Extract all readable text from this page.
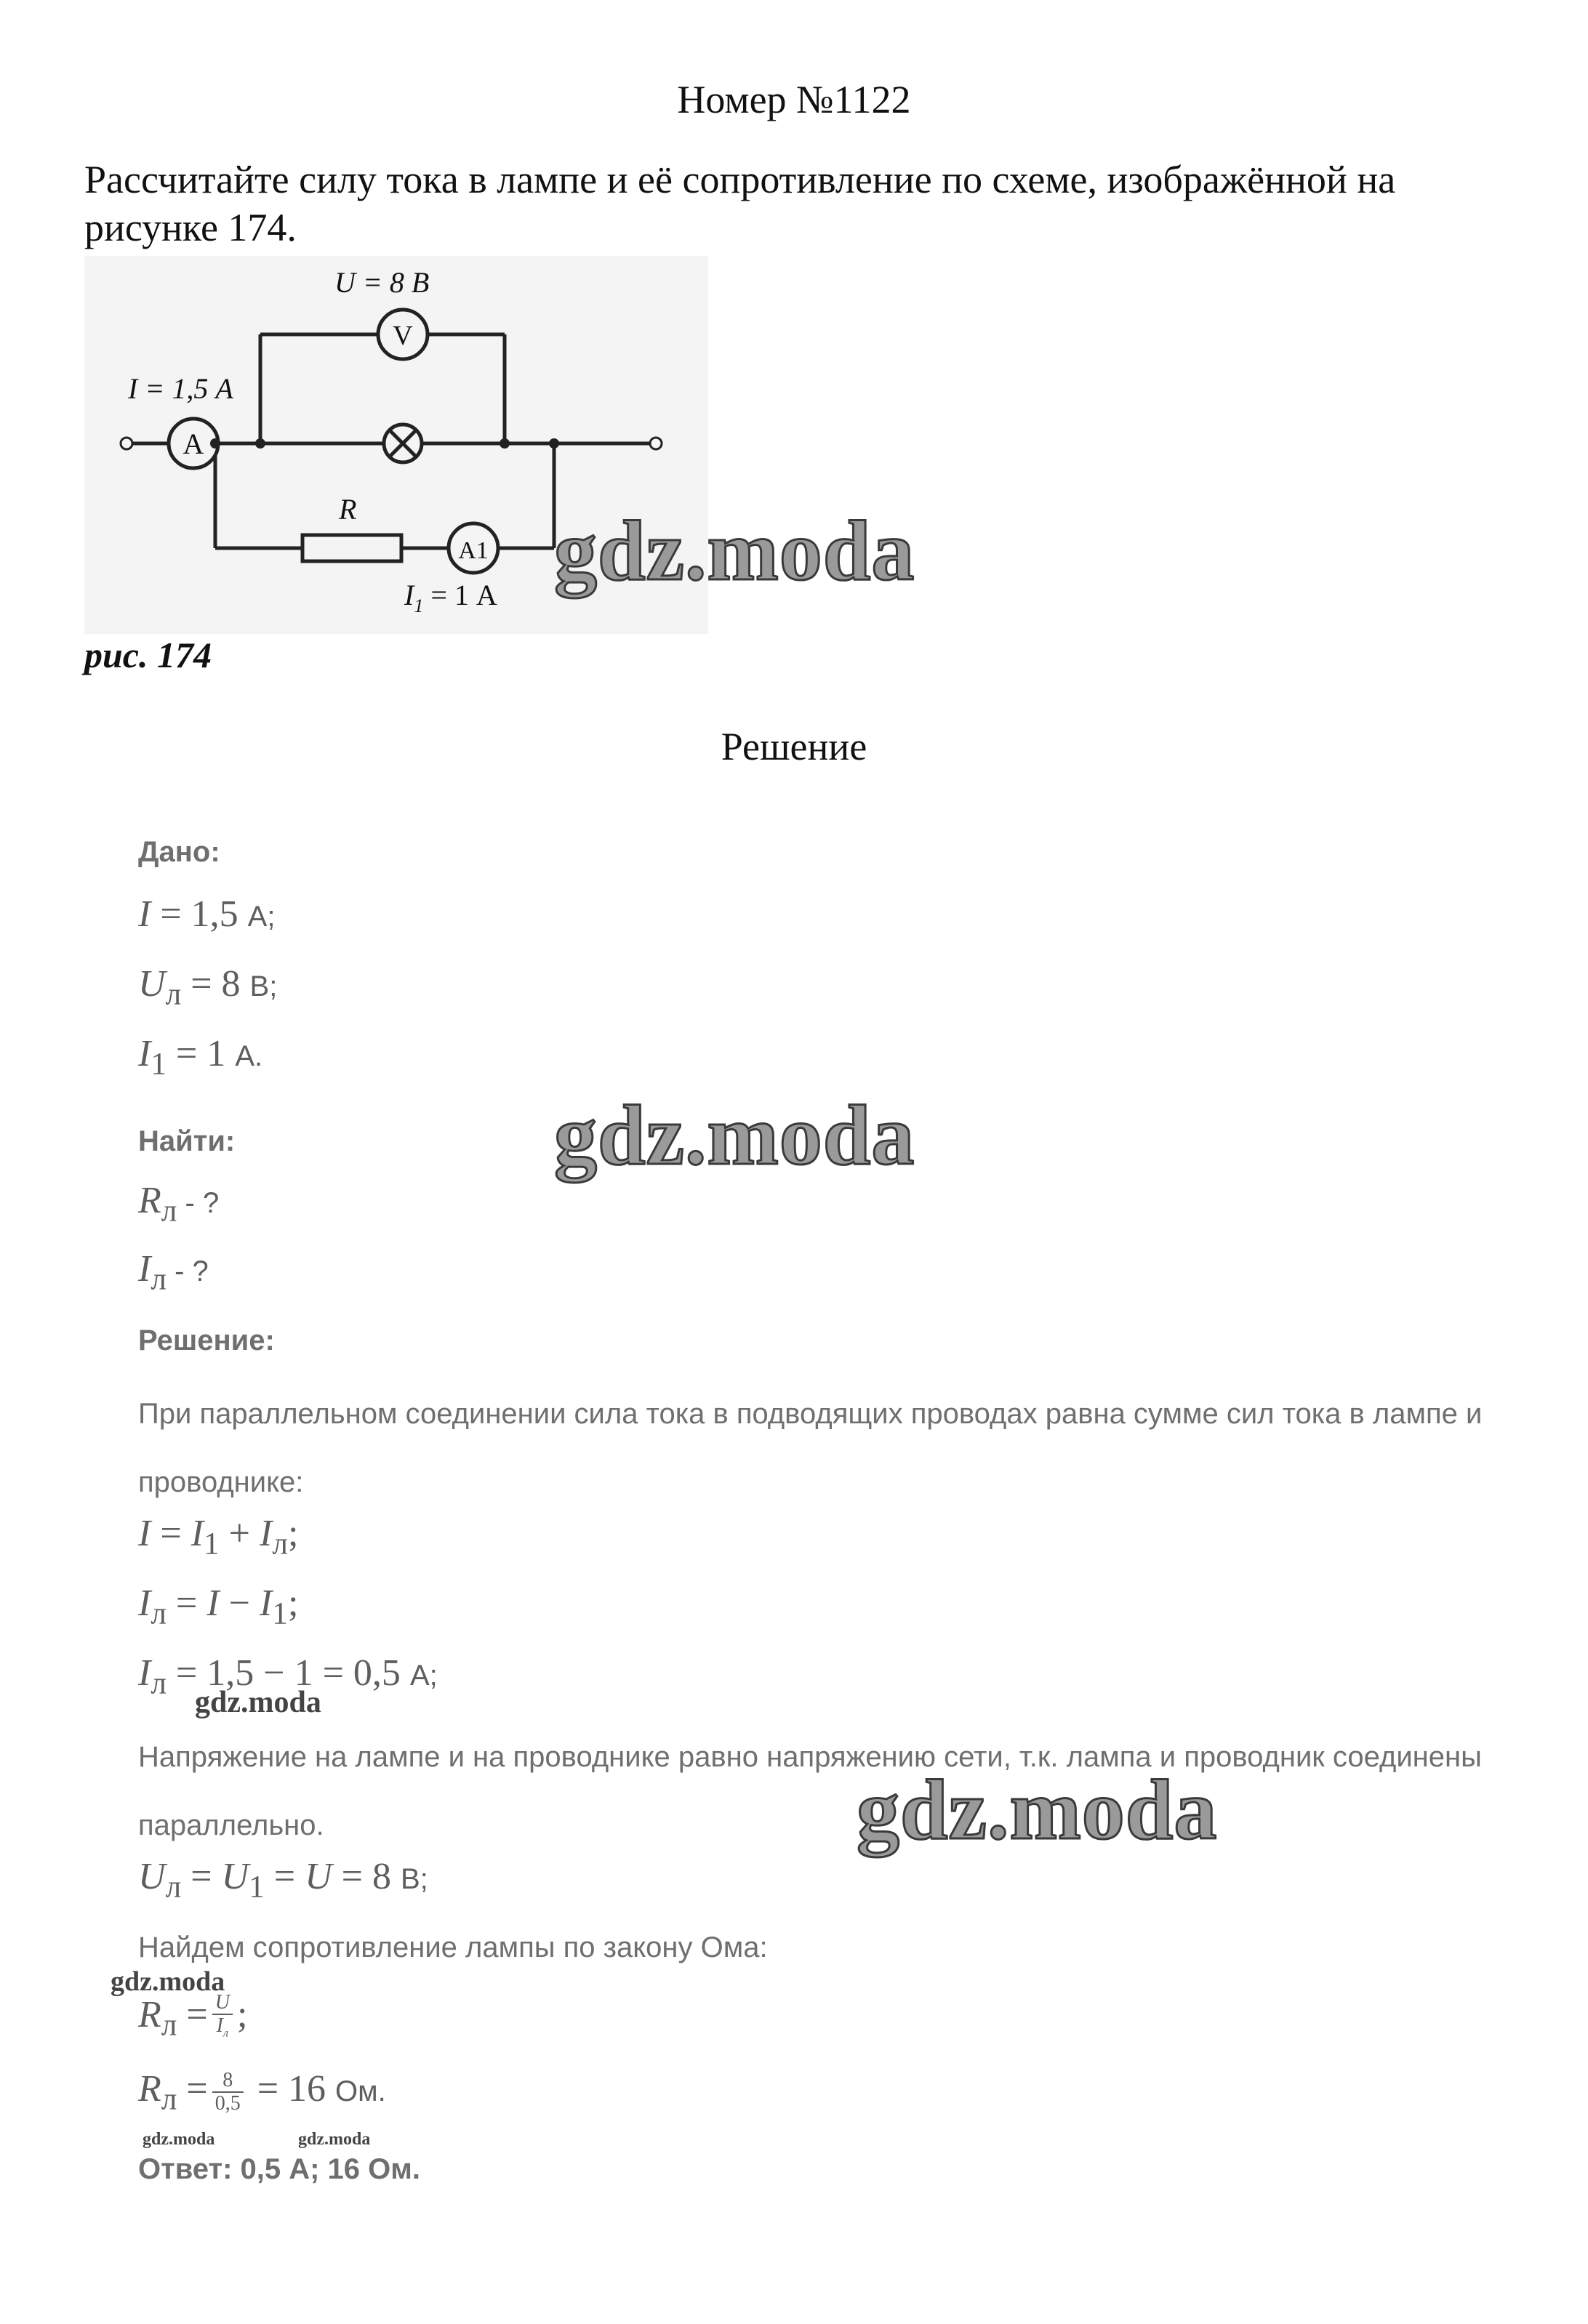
Номер №1122
Рассчитайте силу тока в лампе и её сопротивление по схеме, изображённой на рисунке 174.
U = 8 В
I = 1,5 А
R
$I_1 = 1$ А
A
V
A1 gdz.moda
рис. 174
Решение
Дано:
I = 1,5 А;
$U_л = 8$ В;
$I_1 = 1$ А.
gdz.moda
Найти:
$R_л$ - ?
$I_л$ - ?
Решение:
При параллельном соединении сила тока в подводящих проводах равна сумме сил тока в лампе и проводнике:
$I = I_1 + I_л$;
$I_л = I - I_1$;
$I_л = 1,5 - 1 = 0,5$ А;
gdz.moda
Напряжение на лампе и на проводнике равно напряжению сети, т.к. лампа и проводник соединены параллельно.	gdz.moda
$U_л = U_1 = U = 8$ В;
Найдем сопротивление лампы по закону Ома:
gdz.moda
$R_л = \frac{U}{I_л}$ ;
$R_л = \frac{8}{0,5} = 16$ Ом.
gdz.moda	gdz.moda
Ответ: 0,5 А; 16 Ом.
